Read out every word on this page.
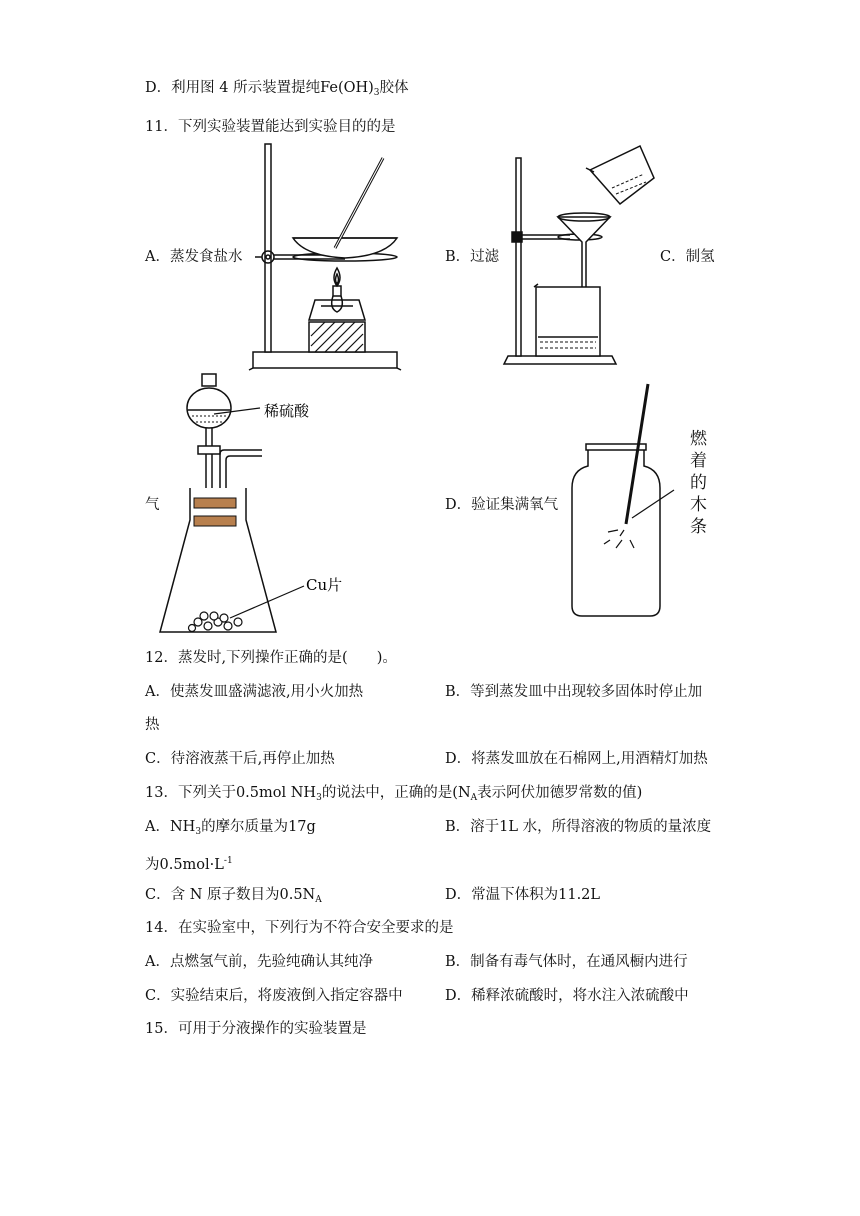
D．利用图 4 所示装置提纯$Fe(OH)_3$胶体
11．下列实验装置能达到实验目的的是
A．蒸发食盐水	B．过滤	C．制氢
气	D．验证集满氧气
稀硫酸
Cu片
燃
着
的
木
条
12．蒸发时,下列操作正确的是(　　)。
A．使蒸发皿盛满滤液,用小火加热	B．等到蒸发皿中出现较多固体时停止加
热
C．待溶液蒸干后,再停止加热	D．将蒸发皿放在石棉网上,用酒精灯加热
13．下列关于0.5mol $NH_3$的说法中，正确的是($N_A$表示阿伏加德罗常数的值)
A．$NH_3$的摩尔质量为17g	B．溶于1L 水，所得溶液的物质的量浓度
为$0.5mol\cdot L^{-1}$
C．含 N 原子数目为$0.5N_A$	D．常温下体积为11.2L
14．在实验室中，下列行为不符合安全要求的是
A．点燃氢气前，先验纯确认其纯净	B．制备有毒气体时，在通风橱内进行
C．实验结束后，将废液倒入指定容器中	D．稀释浓硫酸时，将水注入浓硫酸中
15．可用于分液操作的实验装置是
